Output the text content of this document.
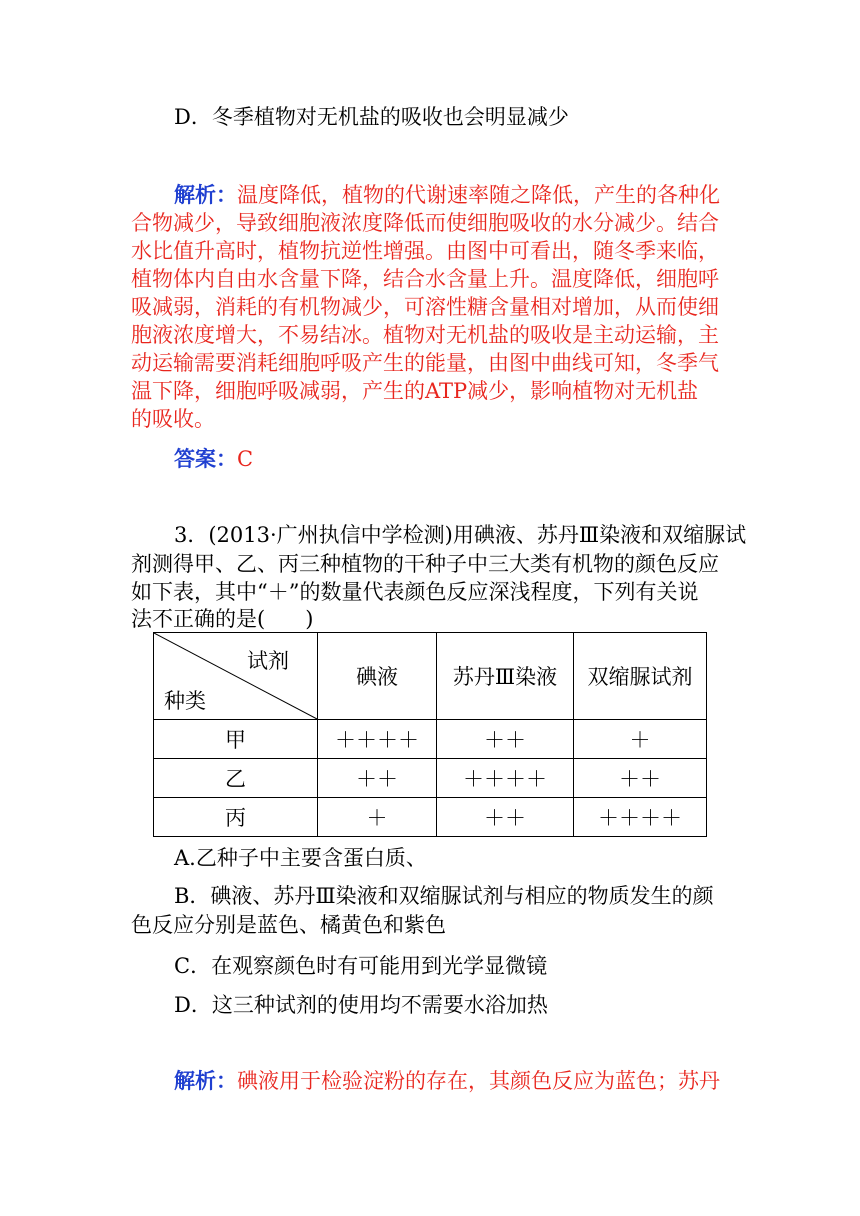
D．冬季植物对无机盐的吸收也会明显减少
解析：温度降低，植物的代谢速率随之降低，产生的各种化
合物减少，导致细胞液浓度降低而使细胞吸收的水分减少。结合
水比值升高时，植物抗逆性增强。由图中可看出，随冬季来临，
植物体内自由水含量下降，结合水含量上升。温度降低，细胞呼
吸减弱，消耗的有机物减少，可溶性糖含量相对增加，从而使细
胞液浓度增大，不易结冰。植物对无机盐的吸收是主动运输，主
动运输需要消耗细胞呼吸产生的能量，由图中曲线可知，冬季气
温下降，细胞呼吸减弱，产生的ATP减少，影响植物对无机盐
的吸收。
答案：C
3．(2013·广州执信中学检测)用碘液、苏丹Ⅲ染液和双缩脲试
剂测得甲、乙、丙三种植物的干种子中三大类有机物的颜色反应
如下表，其中“＋”的数量代表颜色反应深浅程度，下列有关说
法不正确的是( )
试剂
种类	碘液	苏丹Ⅲ染液	双缩脲试剂
甲	＋＋＋＋	＋＋	＋
乙	＋＋	＋＋＋＋	＋＋
丙	＋	＋＋	＋＋＋＋
A.乙种子中主要含蛋白质、
B．碘液、苏丹Ⅲ染液和双缩脲试剂与相应的物质发生的颜
色反应分别是蓝色、橘黄色和紫色
C．在观察颜色时有可能用到光学显微镜
D．这三种试剂的使用均不需要水浴加热
解析：碘液用于检验淀粉的存在，其颜色反应为蓝色；苏丹
